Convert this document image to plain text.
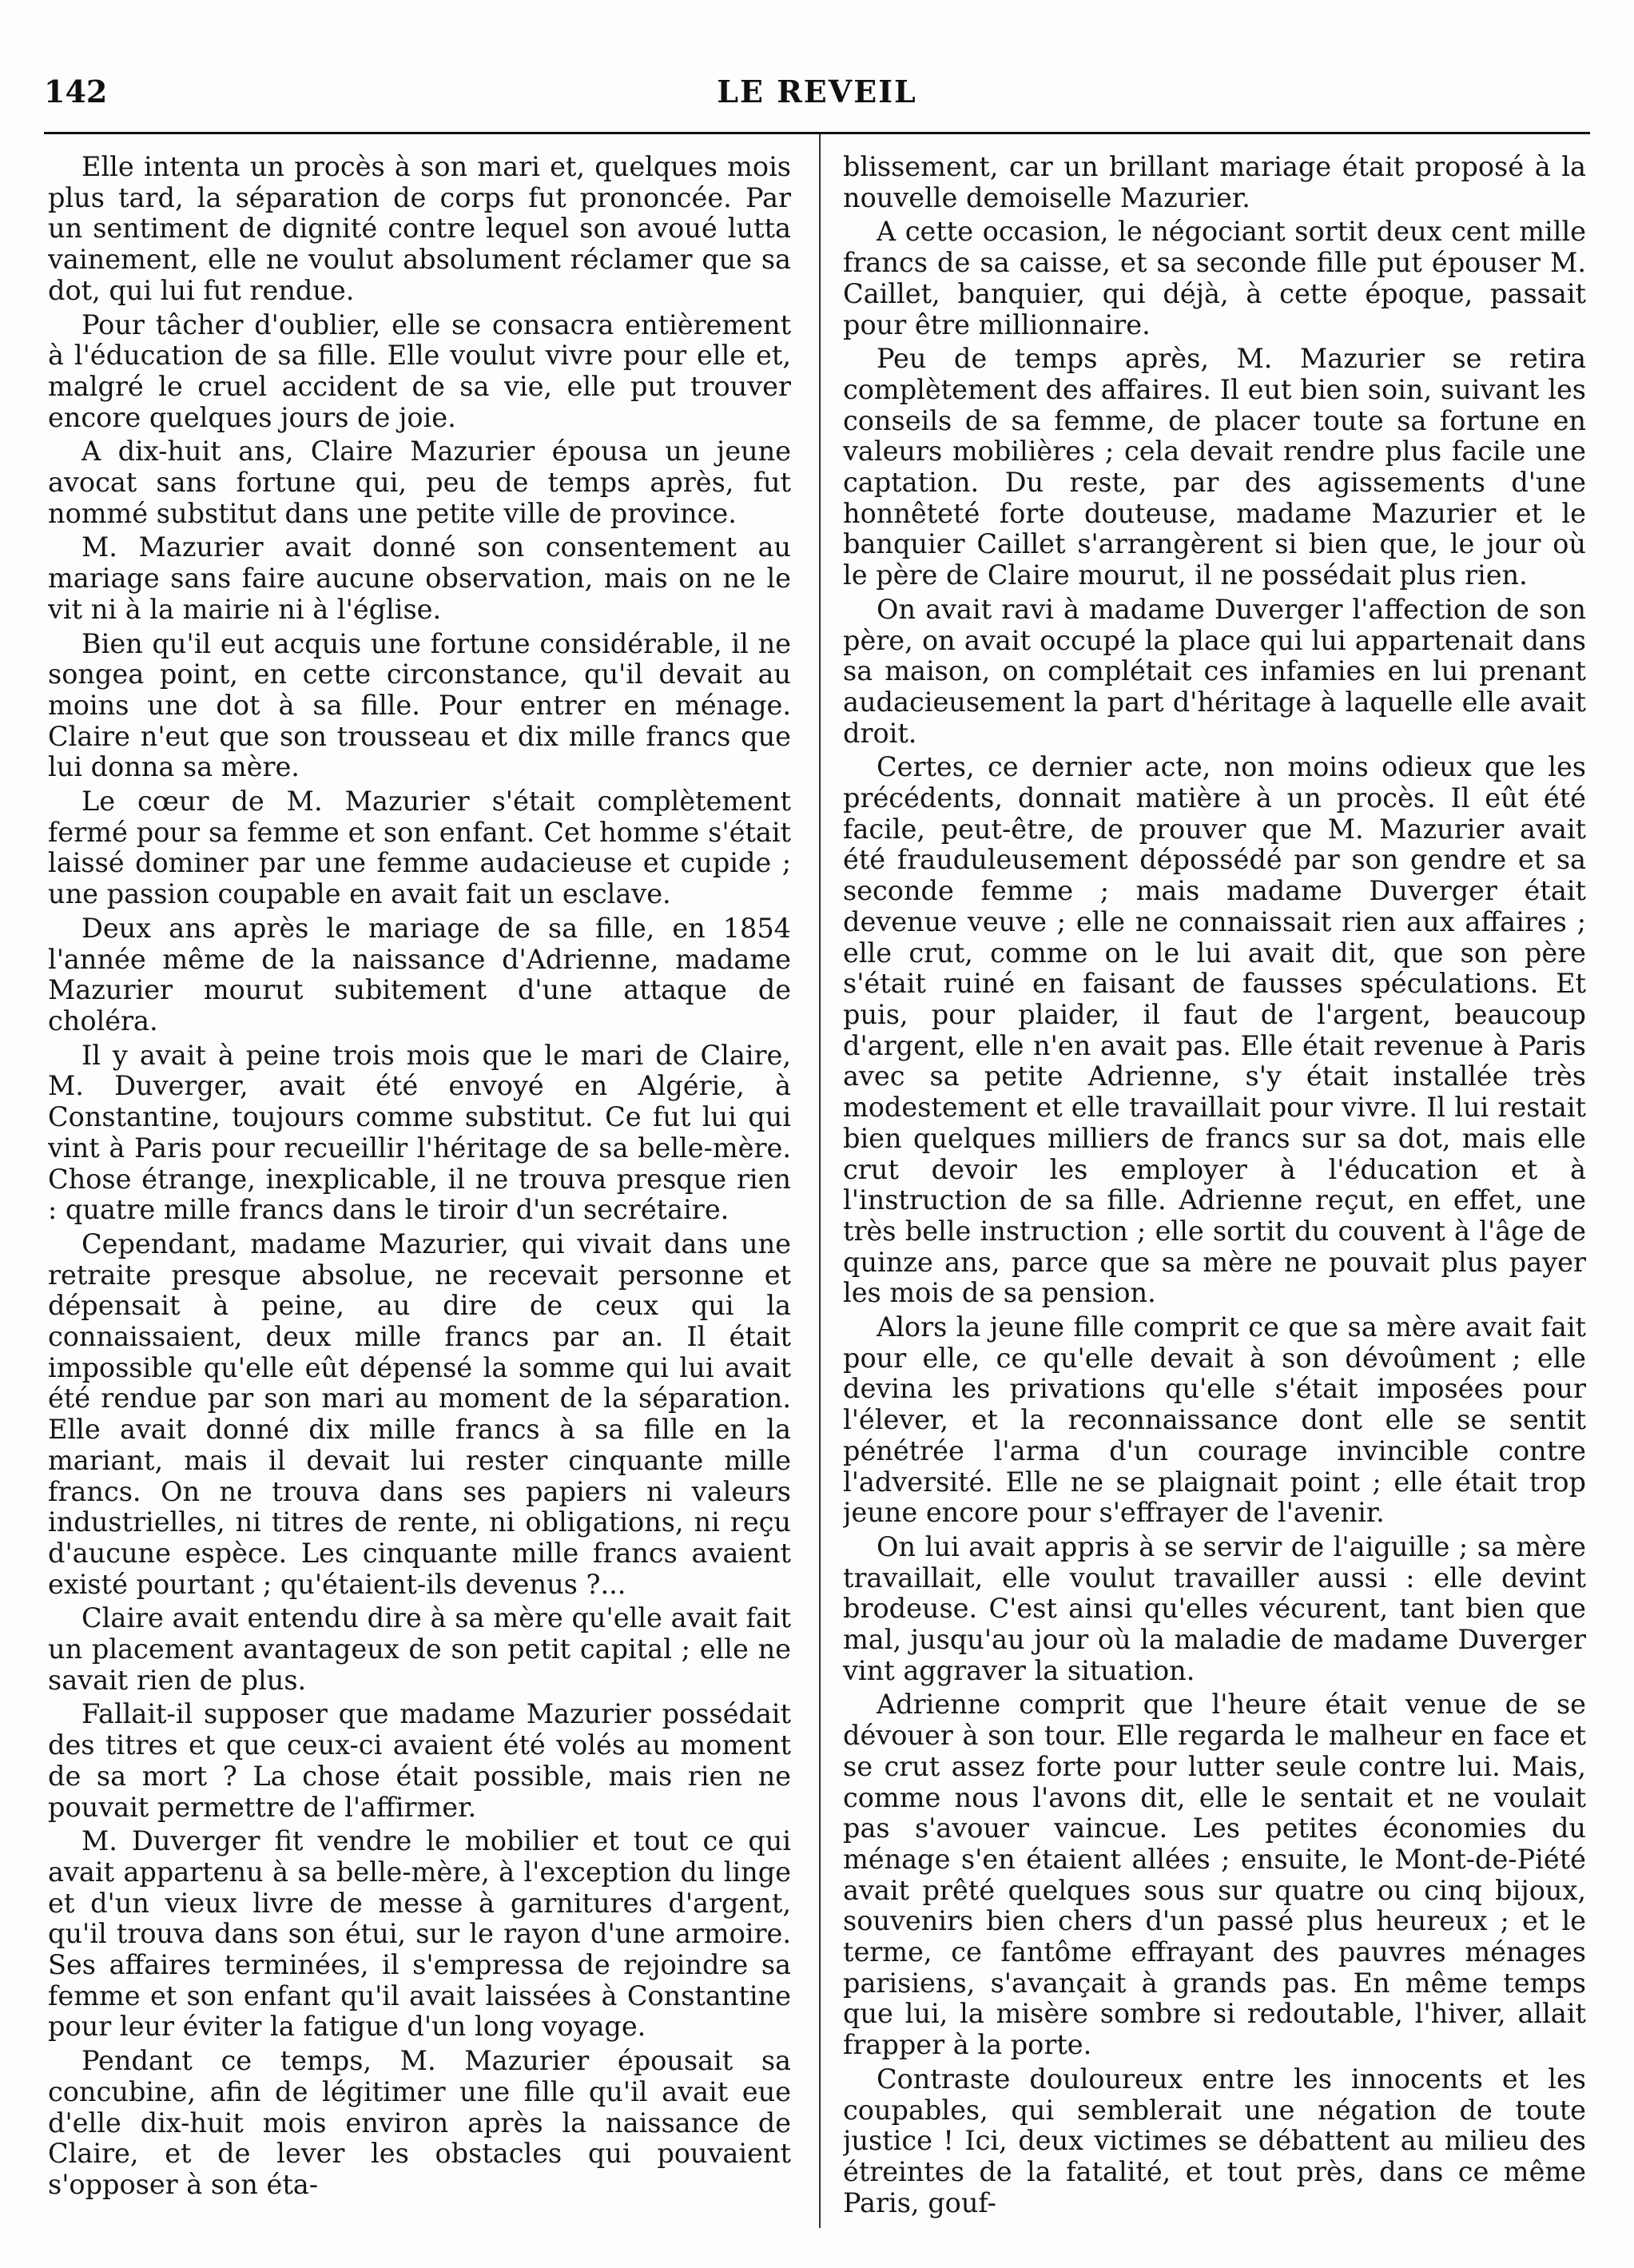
142	LE REVEIL

Elle intenta un procès à son mari et, quelques mois plus tard, la séparation de corps fut prononcée. Par un sentiment de dignité contre lequel son avoué lutta vainement, elle ne voulut absolument réclamer que sa dot, qui lui fut rendue.

Pour tâcher d'oublier, elle se consacra entièrement à l'éducation de sa fille. Elle voulut vivre pour elle et, malgré le cruel accident de sa vie, elle put trouver encore quelques jours de joie.

A dix-huit ans, Claire Mazurier épousa un jeune avocat sans fortune qui, peu de temps après, fut nommé substitut dans une petite ville de province.

M. Mazurier avait donné son consentement au mariage sans faire aucune observation, mais on ne le vit ni à la mairie ni à l'église.

Bien qu'il eut acquis une fortune considérable, il ne songea point, en cette circonstance, qu'il devait au moins une dot à sa fille. Pour entrer en ménage. Claire n'eut que son trousseau et dix mille francs que lui donna sa mère.

Le cœur de M. Mazurier s'était complètement fermé pour sa femme et son enfant. Cet homme s'était laissé dominer par une femme audacieuse et cupide ; une passion coupable en avait fait un esclave.

Deux ans après le mariage de sa fille, en 1854 l'année même de la naissance d'Adrienne, madame Mazurier mourut subitement d'une attaque de choléra.

Il y avait à peine trois mois que le mari de Claire, M. Duverger, avait été envoyé en Algérie, à Constantine, toujours comme substitut. Ce fut lui qui vint à Paris pour recueillir l'héritage de sa belle-mère. Chose étrange, inexplicable, il ne trouva presque rien : quatre mille francs dans le tiroir d'un secrétaire.

Cependant, madame Mazurier, qui vivait dans une retraite presque absolue, ne recevait personne et dépensait à peine, au dire de ceux qui la connaissaient, deux mille francs par an. Il était impossible qu'elle eût dépensé la somme qui lui avait été rendue par son mari au moment de la séparation. Elle avait donné dix mille francs à sa fille en la mariant, mais il devait lui rester cinquante mille francs. On ne trouva dans ses papiers ni valeurs industrielles, ni titres de rente, ni obligations, ni reçu d'aucune espèce. Les cinquante mille francs avaient existé pourtant ; qu'étaient-ils devenus ?...

Claire avait entendu dire à sa mère qu'elle avait fait un placement avantageux de son petit capital ; elle ne savait rien de plus.

Fallait-il supposer que madame Mazurier possédait des titres et que ceux-ci avaient été volés au moment de sa mort ? La chose était possible, mais rien ne pouvait permettre de l'affirmer.

M. Duverger fit vendre le mobilier et tout ce qui avait appartenu à sa belle-mère, à l'exception du linge et d'un vieux livre de messe à garnitures d'argent, qu'il trouva dans son étui, sur le rayon d'une armoire. Ses affaires terminées, il s'empressa de rejoindre sa femme et son enfant qu'il avait laissées à Constantine pour leur éviter la fatigue d'un long voyage.

Pendant ce temps, M. Mazurier épousait sa concubine, afin de légitimer une fille qu'il avait eue d'elle dix-huit mois environ après la naissance de Claire, et de lever les obstacles qui pouvaient s'opposer à son éta-

blissement, car un brillant mariage était proposé à la nouvelle demoiselle Mazurier.

A cette occasion, le négociant sortit deux cent mille francs de sa caisse, et sa seconde fille put épouser M. Caillet, banquier, qui déjà, à cette époque, passait pour être millionnaire.

Peu de temps après, M. Mazurier se retira complètement des affaires. Il eut bien soin, suivant les conseils de sa femme, de placer toute sa fortune en valeurs mobilières ; cela devait rendre plus facile une captation. Du reste, par des agissements d'une honnêteté forte douteuse, madame Mazurier et le banquier Caillet s'arrangèrent si bien que, le jour où le père de Claire mourut, il ne possédait plus rien.

On avait ravi à madame Duverger l'affection de son père, on avait occupé la place qui lui appartenait dans sa maison, on complétait ces infamies en lui prenant audacieusement la part d'héritage à laquelle elle avait droit.

Certes, ce dernier acte, non moins odieux que les précédents, donnait matière à un procès. Il eût été facile, peut-être, de prouver que M. Mazurier avait été frauduleusement dépossédé par son gendre et sa seconde femme ; mais madame Duverger était devenue veuve ; elle ne connaissait rien aux affaires ; elle crut, comme on le lui avait dit, que son père s'était ruiné en faisant de fausses spéculations. Et puis, pour plaider, il faut de l'argent, beaucoup d'argent, elle n'en avait pas. Elle était revenue à Paris avec sa petite Adrienne, s'y était installée très modestement et elle travaillait pour vivre. Il lui restait bien quelques milliers de francs sur sa dot, mais elle crut devoir les employer à l'éducation et à l'instruction de sa fille. Adrienne reçut, en effet, une très belle instruction ; elle sortit du couvent à l'âge de quinze ans, parce que sa mère ne pouvait plus payer les mois de sa pension.

Alors la jeune fille comprit ce que sa mère avait fait pour elle, ce qu'elle devait à son dévoûment ; elle devina les privations qu'elle s'était imposées pour l'élever, et la reconnaissance dont elle se sentit pénétrée l'arma d'un courage invincible contre l'adversité. Elle ne se plaignait point ; elle était trop jeune encore pour s'effrayer de l'avenir.

On lui avait appris à se servir de l'aiguille ; sa mère travaillait, elle voulut travailler aussi : elle devint brodeuse. C'est ainsi qu'elles vécurent, tant bien que mal, jusqu'au jour où la maladie de madame Duverger vint aggraver la situation.

Adrienne comprit que l'heure était venue de se dévouer à son tour. Elle regarda le malheur en face et se crut assez forte pour lutter seule contre lui. Mais, comme nous l'avons dit, elle le sentait et ne voulait pas s'avouer vaincue. Les petites économies du ménage s'en étaient allées ; ensuite, le Mont-de-Piété avait prêté quelques sous sur quatre ou cinq bijoux, souvenirs bien chers d'un passé plus heureux ; et le terme, ce fantôme effrayant des pauvres ménages parisiens, s'avançait à grands pas. En même temps que lui, la misère sombre si redoutable, l'hiver, allait frapper à la porte.

Contraste douloureux entre les innocents et les coupables, qui semblerait une négation de toute justice ! Ici, deux victimes se débattent au milieu des étreintes de la fatalité, et tout près, dans ce même Paris, gouf-
